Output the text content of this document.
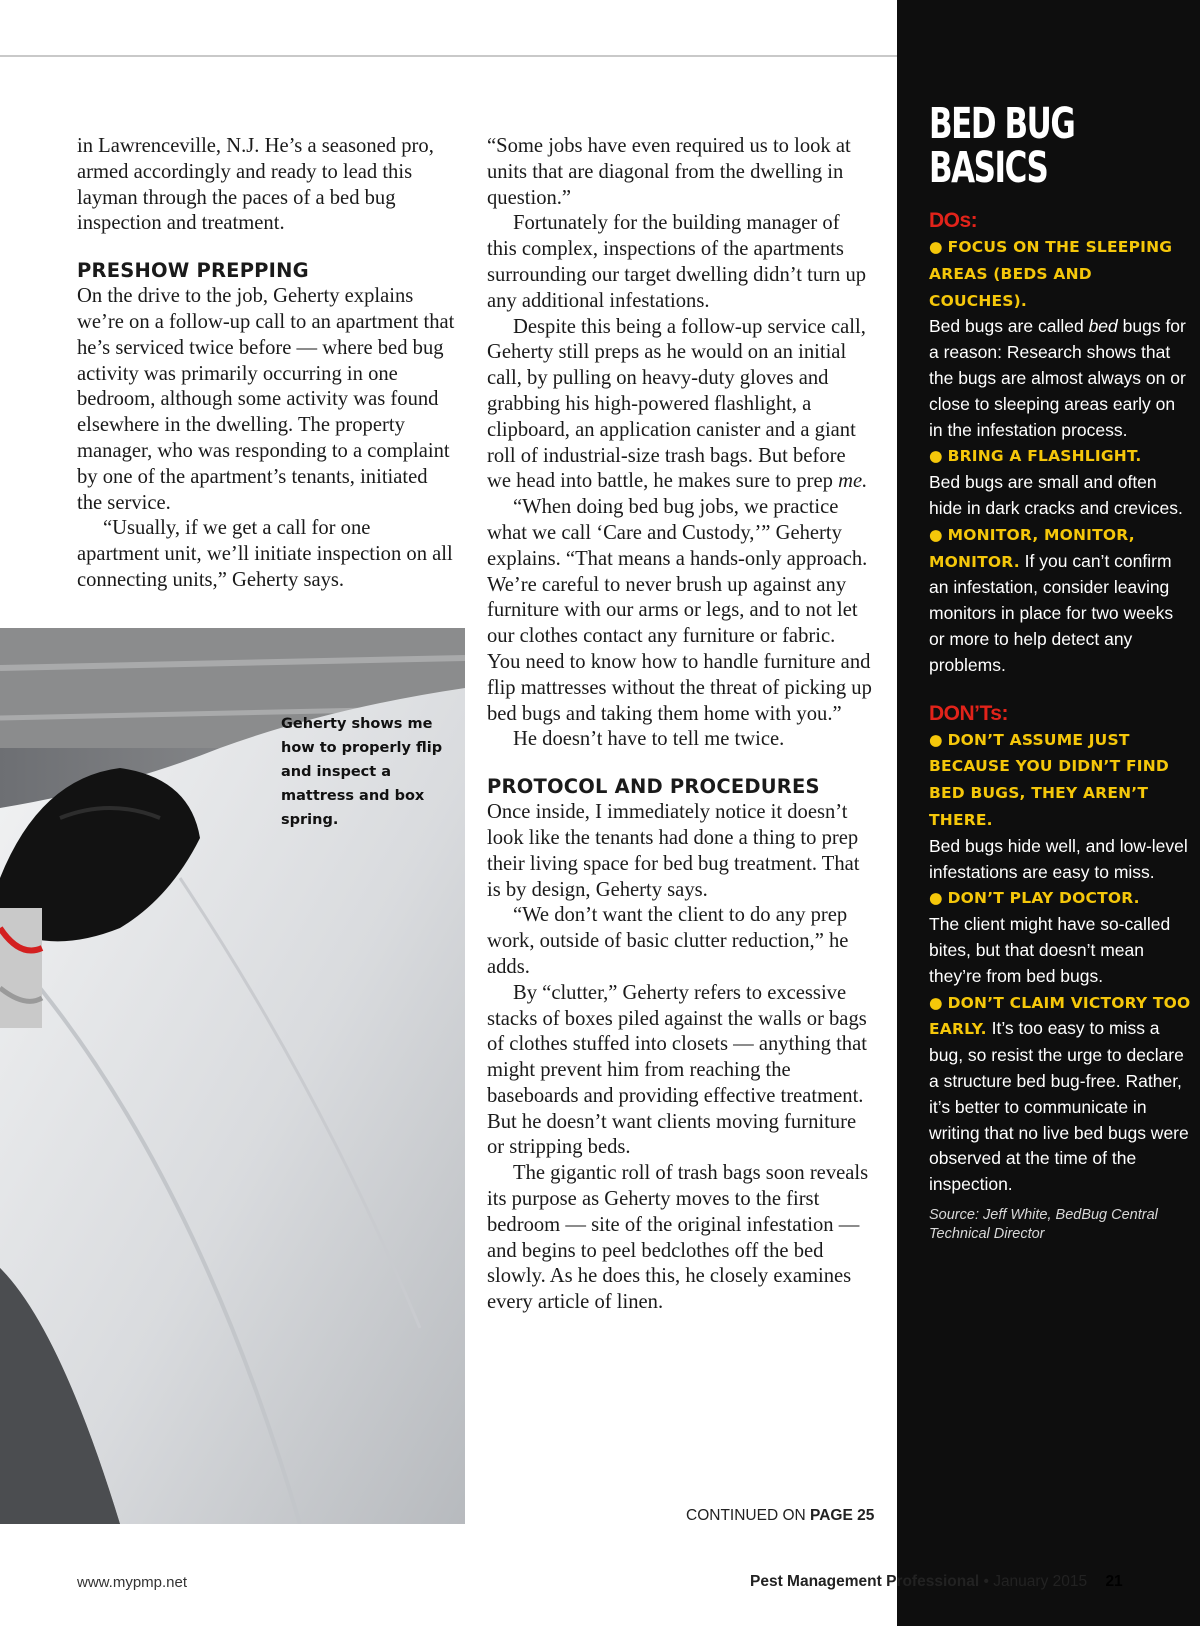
in Lawrenceville, N.J. He’s a seasoned pro, armed accordingly and ready to lead this layman through the paces of a bed bug inspection and treatment.

PRESHOW PREPPING

On the drive to the job, Geherty explains we’re on a follow-up call to an apartment that he’s serviced twice before — where bed bug activity was primarily occurring in one bedroom, although some activity was found elsewhere in the dwelling. The property manager, who was responding to a complaint by one of the apartment’s tenants, initiated the service.

“Usually, if we get a call for one apartment unit, we’ll initiate inspection on all connecting units,” Geherty says.

Geherty shows me how to properly flip and inspect a mattress and box spring.

“Some jobs have even required us to look at units that are diagonal from the dwelling in question.”

Fortunately for the building manager of this complex, inspections of the apartments surrounding our target dwelling didn’t turn up any additional infestations.

Despite this being a follow-up service call, Geherty still preps as he would on an initial call, by pulling on heavy-duty gloves and grabbing his high-powered flashlight, a clipboard, an application canister and a giant roll of industrial-size trash bags. But before we head into battle, he makes sure to prep me.

“When doing bed bug jobs, we practice what we call ‘Care and Custody,’” Geherty explains. “That means a hands-only approach. We’re careful to never brush up against any furniture with our arms or legs, and to not let our clothes contact any furniture or fabric. You need to know how to handle furniture and flip mattresses without the threat of picking up bed bugs and taking them home with you.”

He doesn’t have to tell me twice.

PROTOCOL AND PROCEDURES

Once inside, I immediately notice it doesn’t look like the tenants had done a thing to prep their living space for bed bug treatment. That is by design, Geherty says.

“We don’t want the client to do any prep work, outside of basic clutter reduction,” he adds.

By “clutter,” Geherty refers to excessive stacks of boxes piled against the walls or bags of clothes stuffed into closets — anything that might prevent him from reaching the baseboards and providing effective treatment. But he doesn’t want clients moving furniture or stripping beds.

The gigantic roll of trash bags soon reveals its purpose as Geherty moves to the first bedroom — site of the original infestation — and begins to peel bedclothes off the bed slowly. As he does this, he closely examines every article of linen.

CONTINUED ON PAGE 25
BED BUG
BASICS
DOs:

● FOCUS ON THE SLEEPING AREAS (BEDS AND COUCHES).
Bed bugs are called bed bugs for a reason: Research shows that the bugs are almost always on or close to sleeping areas early on in the infestation process.

● BRING A FLASHLIGHT.
Bed bugs are small and often hide in dark cracks and crevices.

● MONITOR, MONITOR, MONITOR. If you can’t confirm an infestation, consider leaving monitors in place for two weeks or more to help detect any problems.

DON’Ts:

● DON’T ASSUME JUST BECAUSE YOU DIDN’T FIND BED BUGS, THEY AREN’T THERE.
Bed bugs hide well, and low-level infestations are easy to miss.

● DON’T PLAY DOCTOR.
The client might have so-called bites, but that doesn’t mean they’re from bed bugs.

● DON’T CLAIM VICTORY TOO EARLY. It’s too easy to miss a bug, so resist the urge to declare a structure bed bug-free. Rather, it’s better to communicate in writing that no live bed bugs were observed at the time of the inspection.

Source: Jeff White, BedBug Central Technical Director
www.mypmp.net	Pest Management Professional • January 2015 21
